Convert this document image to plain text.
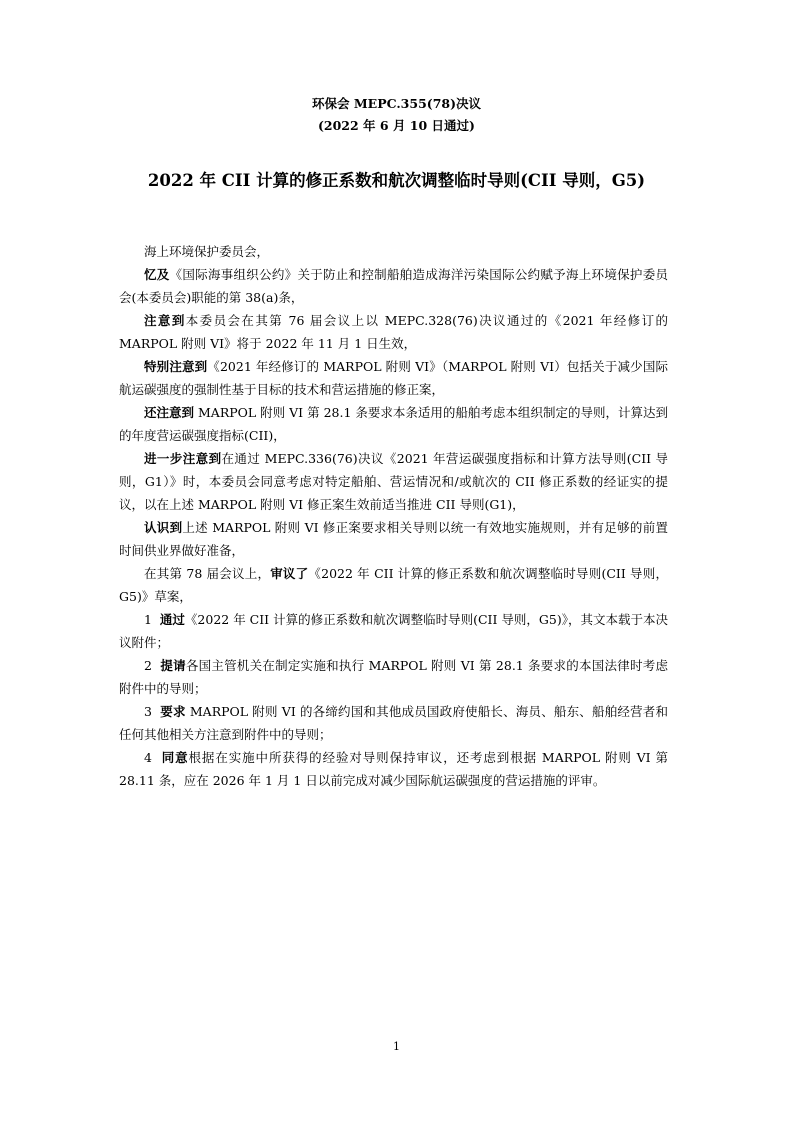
环保会 MEPC.355(78)决议
(2022 年 6 月 10 日通过)
2022 年 CII 计算的修正系数和航次调整临时导则(CII 导则，G5)

海上环境保护委员会，

忆及《国际海事组织公约》关于防止和控制船舶造成海洋污染国际公约赋予海上环境保护委员会(本委员会)职能的第 38(a)条，

注意到本委员会在其第 76 届会议上以 MEPC.328(76)决议通过的《2021 年经修订的 MARPOL 附则 VI》将于 2022 年 11 月 1 日生效，

特别注意到《2021 年经修订的 MARPOL 附则 VI》（MARPOL 附则 VI）包括关于减少国际航运碳强度的强制性基于目标的技术和营运措施的修正案，

还注意到 MARPOL 附则 VI 第 28.1 条要求本条适用的船舶考虑本组织制定的导则，计算达到的年度营运碳强度指标(CII)，

进一步注意到在通过 MEPC.336(76)决议《2021 年营运碳强度指标和计算方法导则(CII 导则，G1）》时，本委员会同意考虑对特定船舶、营运情况和/或航次的 CII 修正系数的经证实的提议，以在上述 MARPOL 附则 VI 修正案生效前适当推进 CII 导则(G1)，

认识到上述 MARPOL 附则 VI 修正案要求相关导则以统一有效地实施规则，并有足够的前置时间供业界做好准备，

在其第 78 届会议上，审议了《2022 年 CII 计算的修正系数和航次调整临时导则(CII 导则，G5)》草案，

1 通过《2022 年 CII 计算的修正系数和航次调整临时导则(CII 导则，G5)》，其文本载于本决议附件；

2 提请各国主管机关在制定实施和执行 MARPOL 附则 VI 第 28.1 条要求的本国法律时考虑附件中的导则；

3 要求 MARPOL 附则 VI 的各缔约国和其他成员国政府使船长、海员、船东、船舶经营者和任何其他相关方注意到附件中的导则；

4 同意根据在实施中所获得的经验对导则保持审议，还考虑到根据 MARPOL 附则 VI 第 28.11 条，应在 2026 年 1 月 1 日以前完成对减少国际航运碳强度的营运措施的评审。

1
